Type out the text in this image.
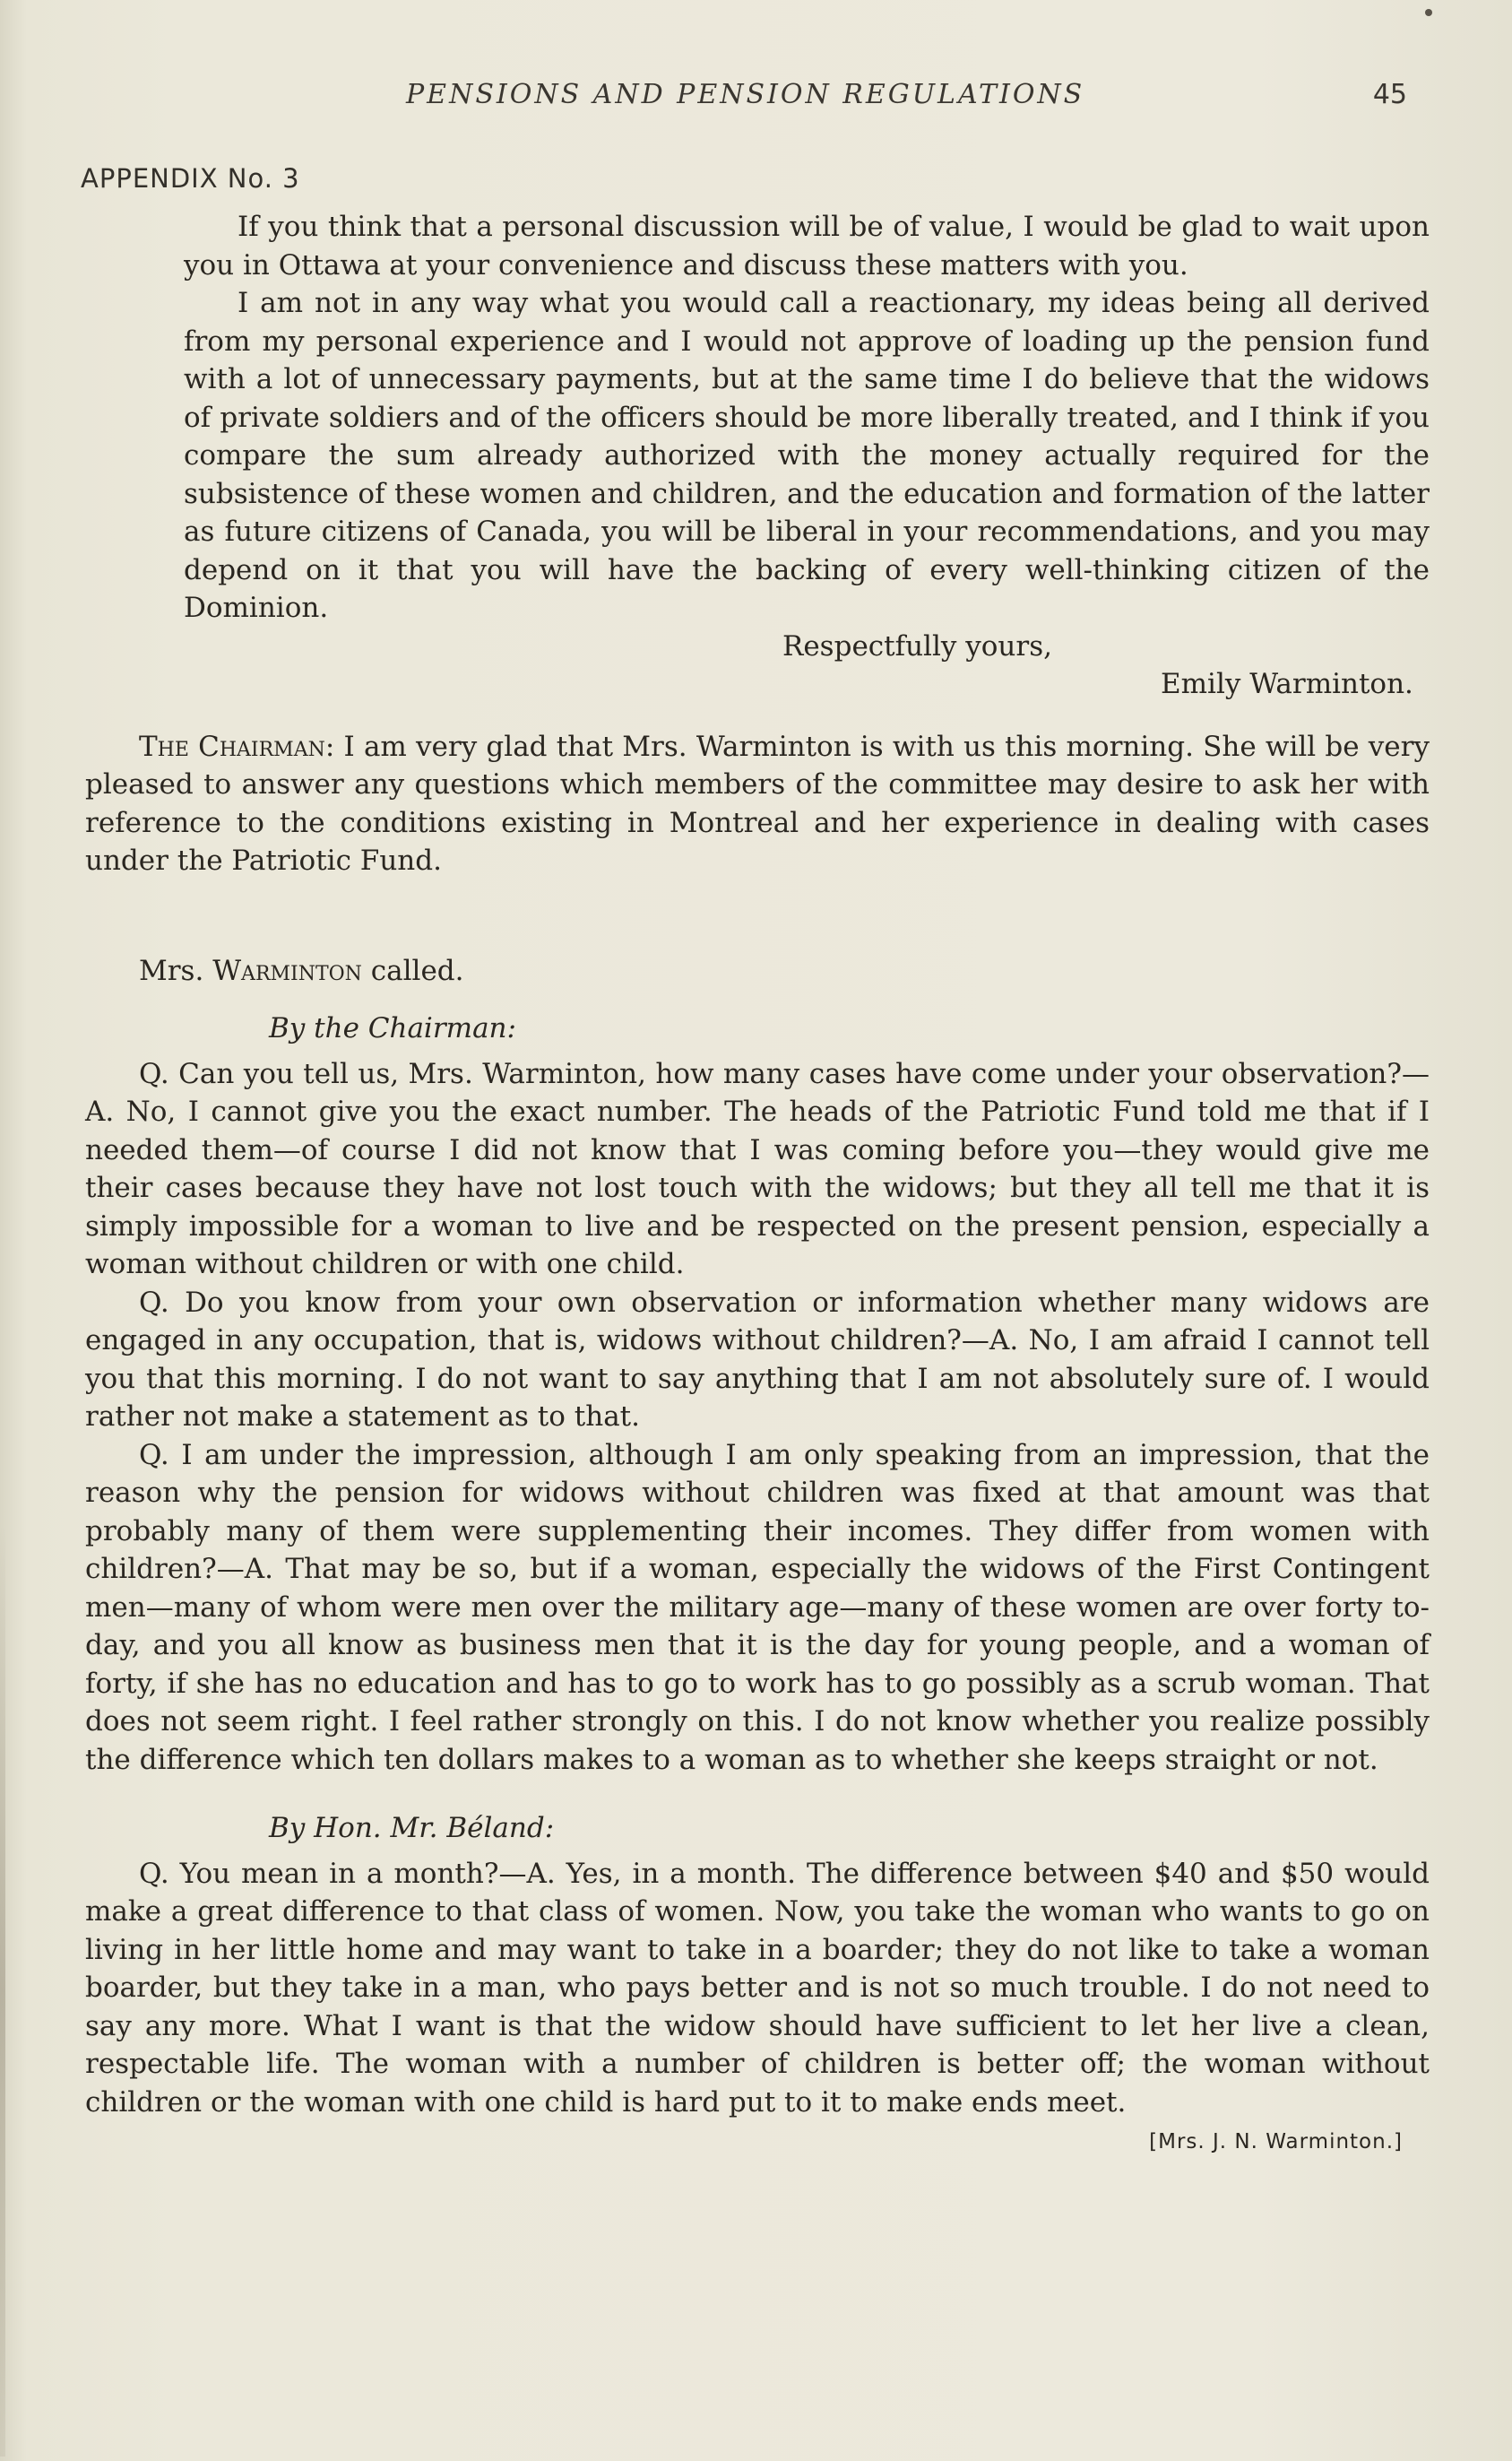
PENSIONS AND PENSION REGULATIONS	45
APPENDIX No. 3

If you think that a personal discussion will be of value, I would be glad to wait upon you in Ottawa at your convenience and discuss these matters with you.

I am not in any way what you would call a reactionary, my ideas being all derived from my personal experience and I would not approve of loading up the pension fund with a lot of unnecessary payments, but at the same time I do believe that the widows of private soldiers and of the officers should be more liberally treated, and I think if you compare the sum already authorized with the money actually required for the subsistence of these women and children, and the education and formation of the latter as future citizens of Canada, you will be liberal in your recommendations, and you may depend on it that you will have the backing of every well-thinking citizen of the Dominion.

Respectfully yours,
Emily Warminton.

The Chairman: I am very glad that Mrs. Warminton is with us this morning. She will be very pleased to answer any questions which members of the committee may desire to ask her with reference to the conditions existing in Montreal and her experience in dealing with cases under the Patriotic Fund.

Mrs. Warminton called.

By the Chairman:

Q. Can you tell us, Mrs. Warminton, how many cases have come under your observation?—A. No, I cannot give you the exact number. The heads of the Patriotic Fund told me that if I needed them—of course I did not know that I was coming before you—they would give me their cases because they have not lost touch with the widows; but they all tell me that it is simply impossible for a woman to live and be respected on the present pension, especially a woman without children or with one child.

Q. Do you know from your own observation or information whether many widows are engaged in any occupation, that is, widows without children?—A. No, I am afraid I cannot tell you that this morning. I do not want to say anything that I am not absolutely sure of. I would rather not make a statement as to that.

Q. I am under the impression, although I am only speaking from an impression, that the reason why the pension for widows without children was fixed at that amount was that probably many of them were supplementing their incomes. They differ from women with children?—A. That may be so, but if a woman, especially the widows of the First Contingent men—many of whom were men over the military age—many of these women are over forty to-day, and you all know as business men that it is the day for young people, and a woman of forty, if she has no education and has to go to work has to go possibly as a scrub woman. That does not seem right. I feel rather strongly on this. I do not know whether you realize possibly the difference which ten dollars makes to a woman as to whether she keeps straight or not.

By Hon. Mr. Béland:

Q. You mean in a month?—A. Yes, in a month. The difference between $40 and $50 would make a great difference to that class of women. Now, you take the woman who wants to go on living in her little home and may want to take in a boarder; they do not like to take a woman boarder, but they take in a man, who pays better and is not so much trouble. I do not need to say any more. What I want is that the widow should have sufficient to let her live a clean, respectable life. The woman with a number of children is better off; the woman without children or the woman with one child is hard put to it to make ends meet.

[Mrs. J. N. Warminton.]
